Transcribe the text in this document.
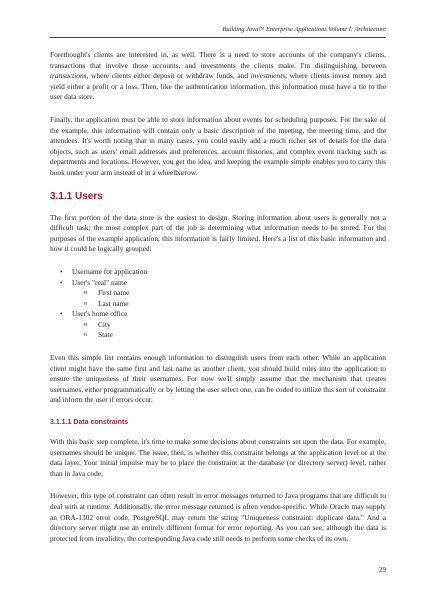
Building Java™ Enterprise Applications Volume I: Architecture

Forethought's clients are interested in, as well. There is a need to store accounts of the company's clients, transactions that involve those accounts, and investments the clients make. I'm distinguishing between transactions, where clients either deposit or withdraw funds, and investments, where clients invest money and yield either a profit or a loss. Then, like the authentication information, this information must have a tie to the user data store.

Finally, the application must be able to store information about events for scheduling purposes. For the sake of the example, this information will contain only a basic description of the meeting, the meeting time, and the attendees. It's worth noting that in many cases, you could easily add a much richer set of details for the data objects, such as users' email addresses and preferences, account histories, and complex event tracking such as departments and locations. However, you get the idea, and keeping the example simple enables you to carry this book under your arm instead of in a wheelbarrow.

3.1.1 Users

The first portion of the data store is the easiest to design. Storing information about users is generally not a difficult task; the most complex part of the job is determining what information needs to be stored. For the purposes of the example application, this information is fairly limited. Here's a list of this basic information and how it could be logically grouped:

• Username for application
• User's "real" name
o First name
o Last name
• User's home office
o City
o State

Even this simple list contains enough information to distinguish users from each other. While an application client might have the same first and last name as another client, you should build rules into the application to ensure the uniqueness of their usernames. For now we'll simply assume that the mechanism that creates usernames, either programmatically or by letting the user select one, can be coded to utilize this sort of constraint and inform the user if errors occur.

3.1.1.1 Data constraints

With this basic step complete, it's time to make some decisions about constraints set upon the data. For example, usernames should be unique. The issue, then, is whether this constraint belongs at the application level or at the data layer. Your initial impulse may be to place the constraint at the database (or directory server) level, rather than in Java code.

However, this type of constraint can often result in error messages returned to Java programs that are difficult to deal with at runtime. Additionally, the error message returned is often vendor-specific. While Oracle may supply an ORA-1302 error code, PostgreSQL may return the string "Uniqueness constraint: duplicate data." And a directory server might use an entirely different format for error reporting. As you can see, although the data is protected from invalidity, the corresponding Java code still needs to perform some checks of its own.

29
